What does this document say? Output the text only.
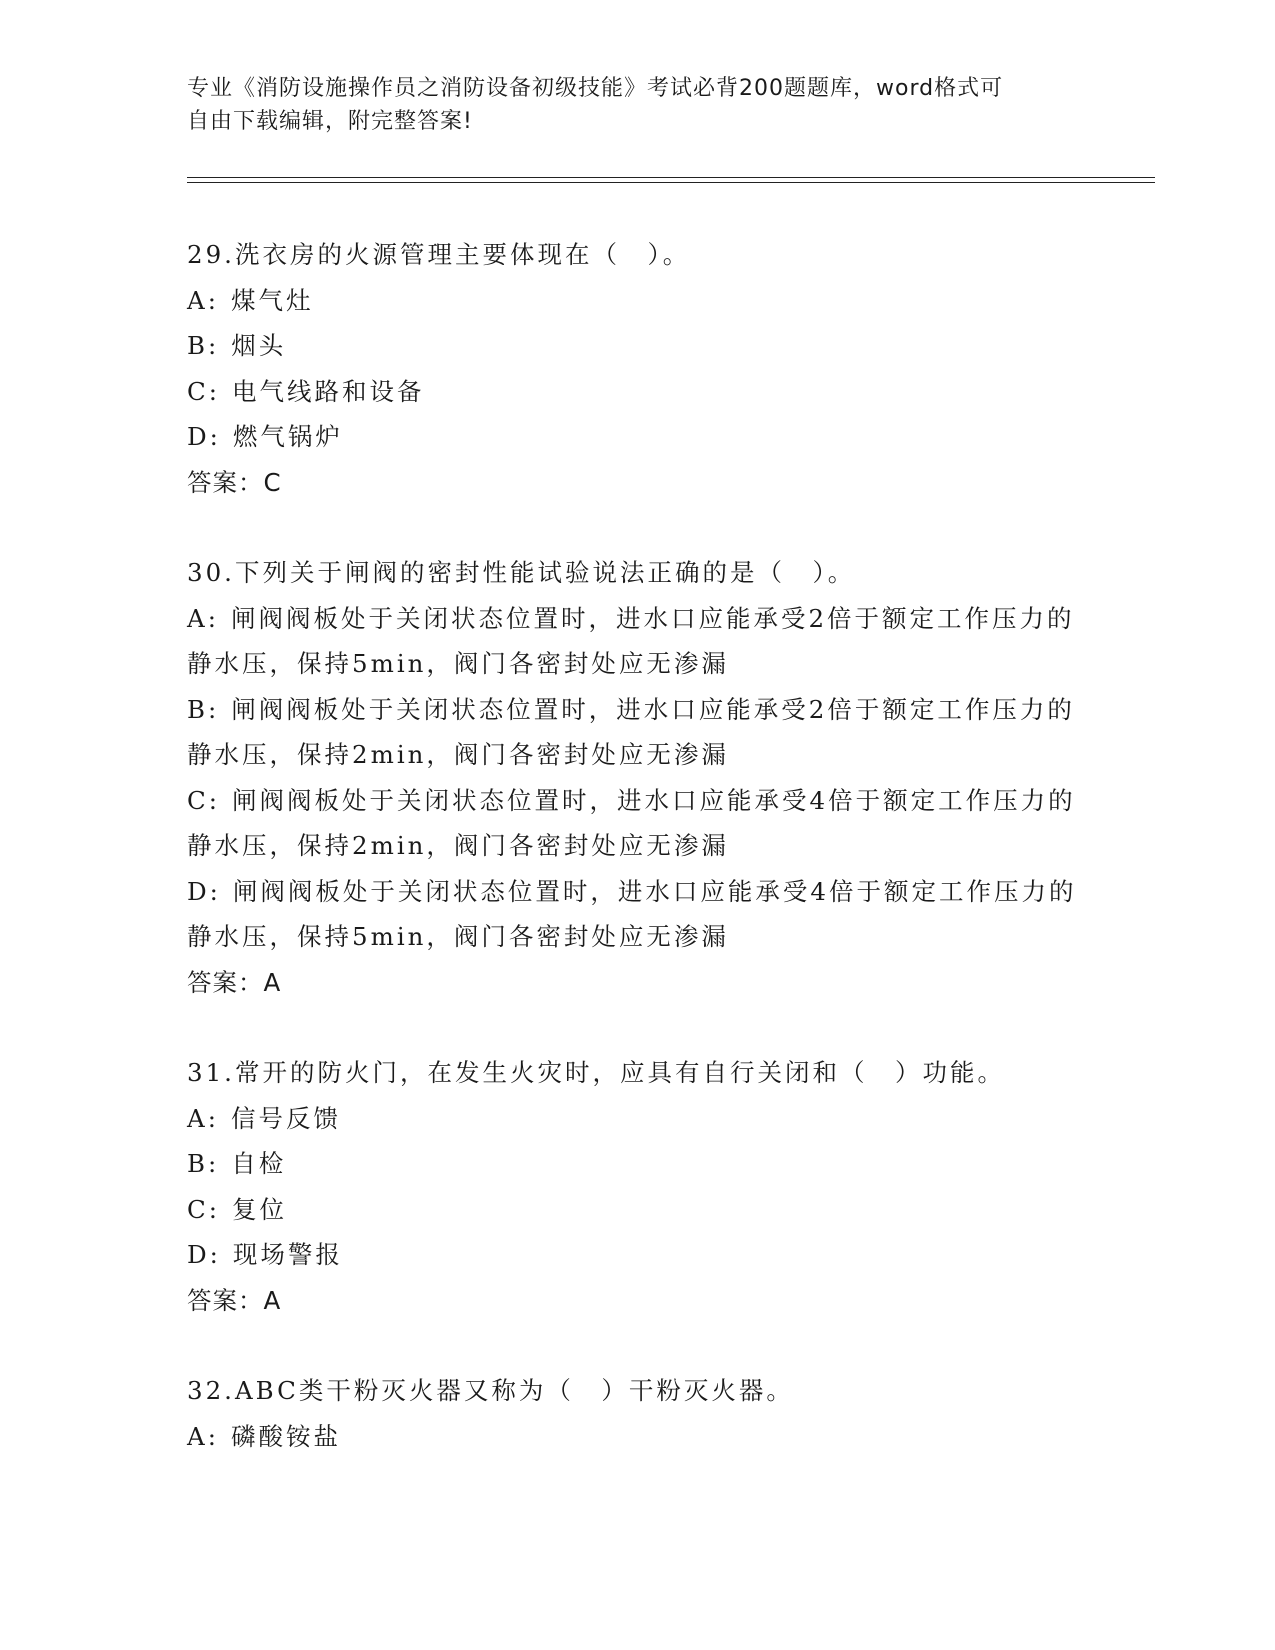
专业《消防设施操作员之消防设备初级技能》考试必背200题题库，word格式可
自由下载编辑，附完整答案!
29.洗衣房的火源管理主要体现在（　）。
A: 煤气灶
B: 烟头
C: 电气线路和设备
D: 燃气锅炉
答案：C
30.下列关于闸阀的密封性能试验说法正确的是（　）。
A: 闸阀阀板处于关闭状态位置时，进水口应能承受2倍于额定工作压力的静水压，保持5min，阀门各密封处应无渗漏
B: 闸阀阀板处于关闭状态位置时，进水口应能承受2倍于额定工作压力的静水压，保持2min，阀门各密封处应无渗漏
C: 闸阀阀板处于关闭状态位置时，进水口应能承受4倍于额定工作压力的静水压，保持2min，阀门各密封处应无渗漏
D: 闸阀阀板处于关闭状态位置时，进水口应能承受4倍于额定工作压力的静水压，保持5min，阀门各密封处应无渗漏
答案：A
31.常开的防火门，在发生火灾时，应具有自行关闭和（　）功能。
A: 信号反馈
B: 自检
C: 复位
D: 现场警报
答案：A
32.ABC类干粉灭火器又称为（　）干粉灭火器。
A: 磷酸铵盐
